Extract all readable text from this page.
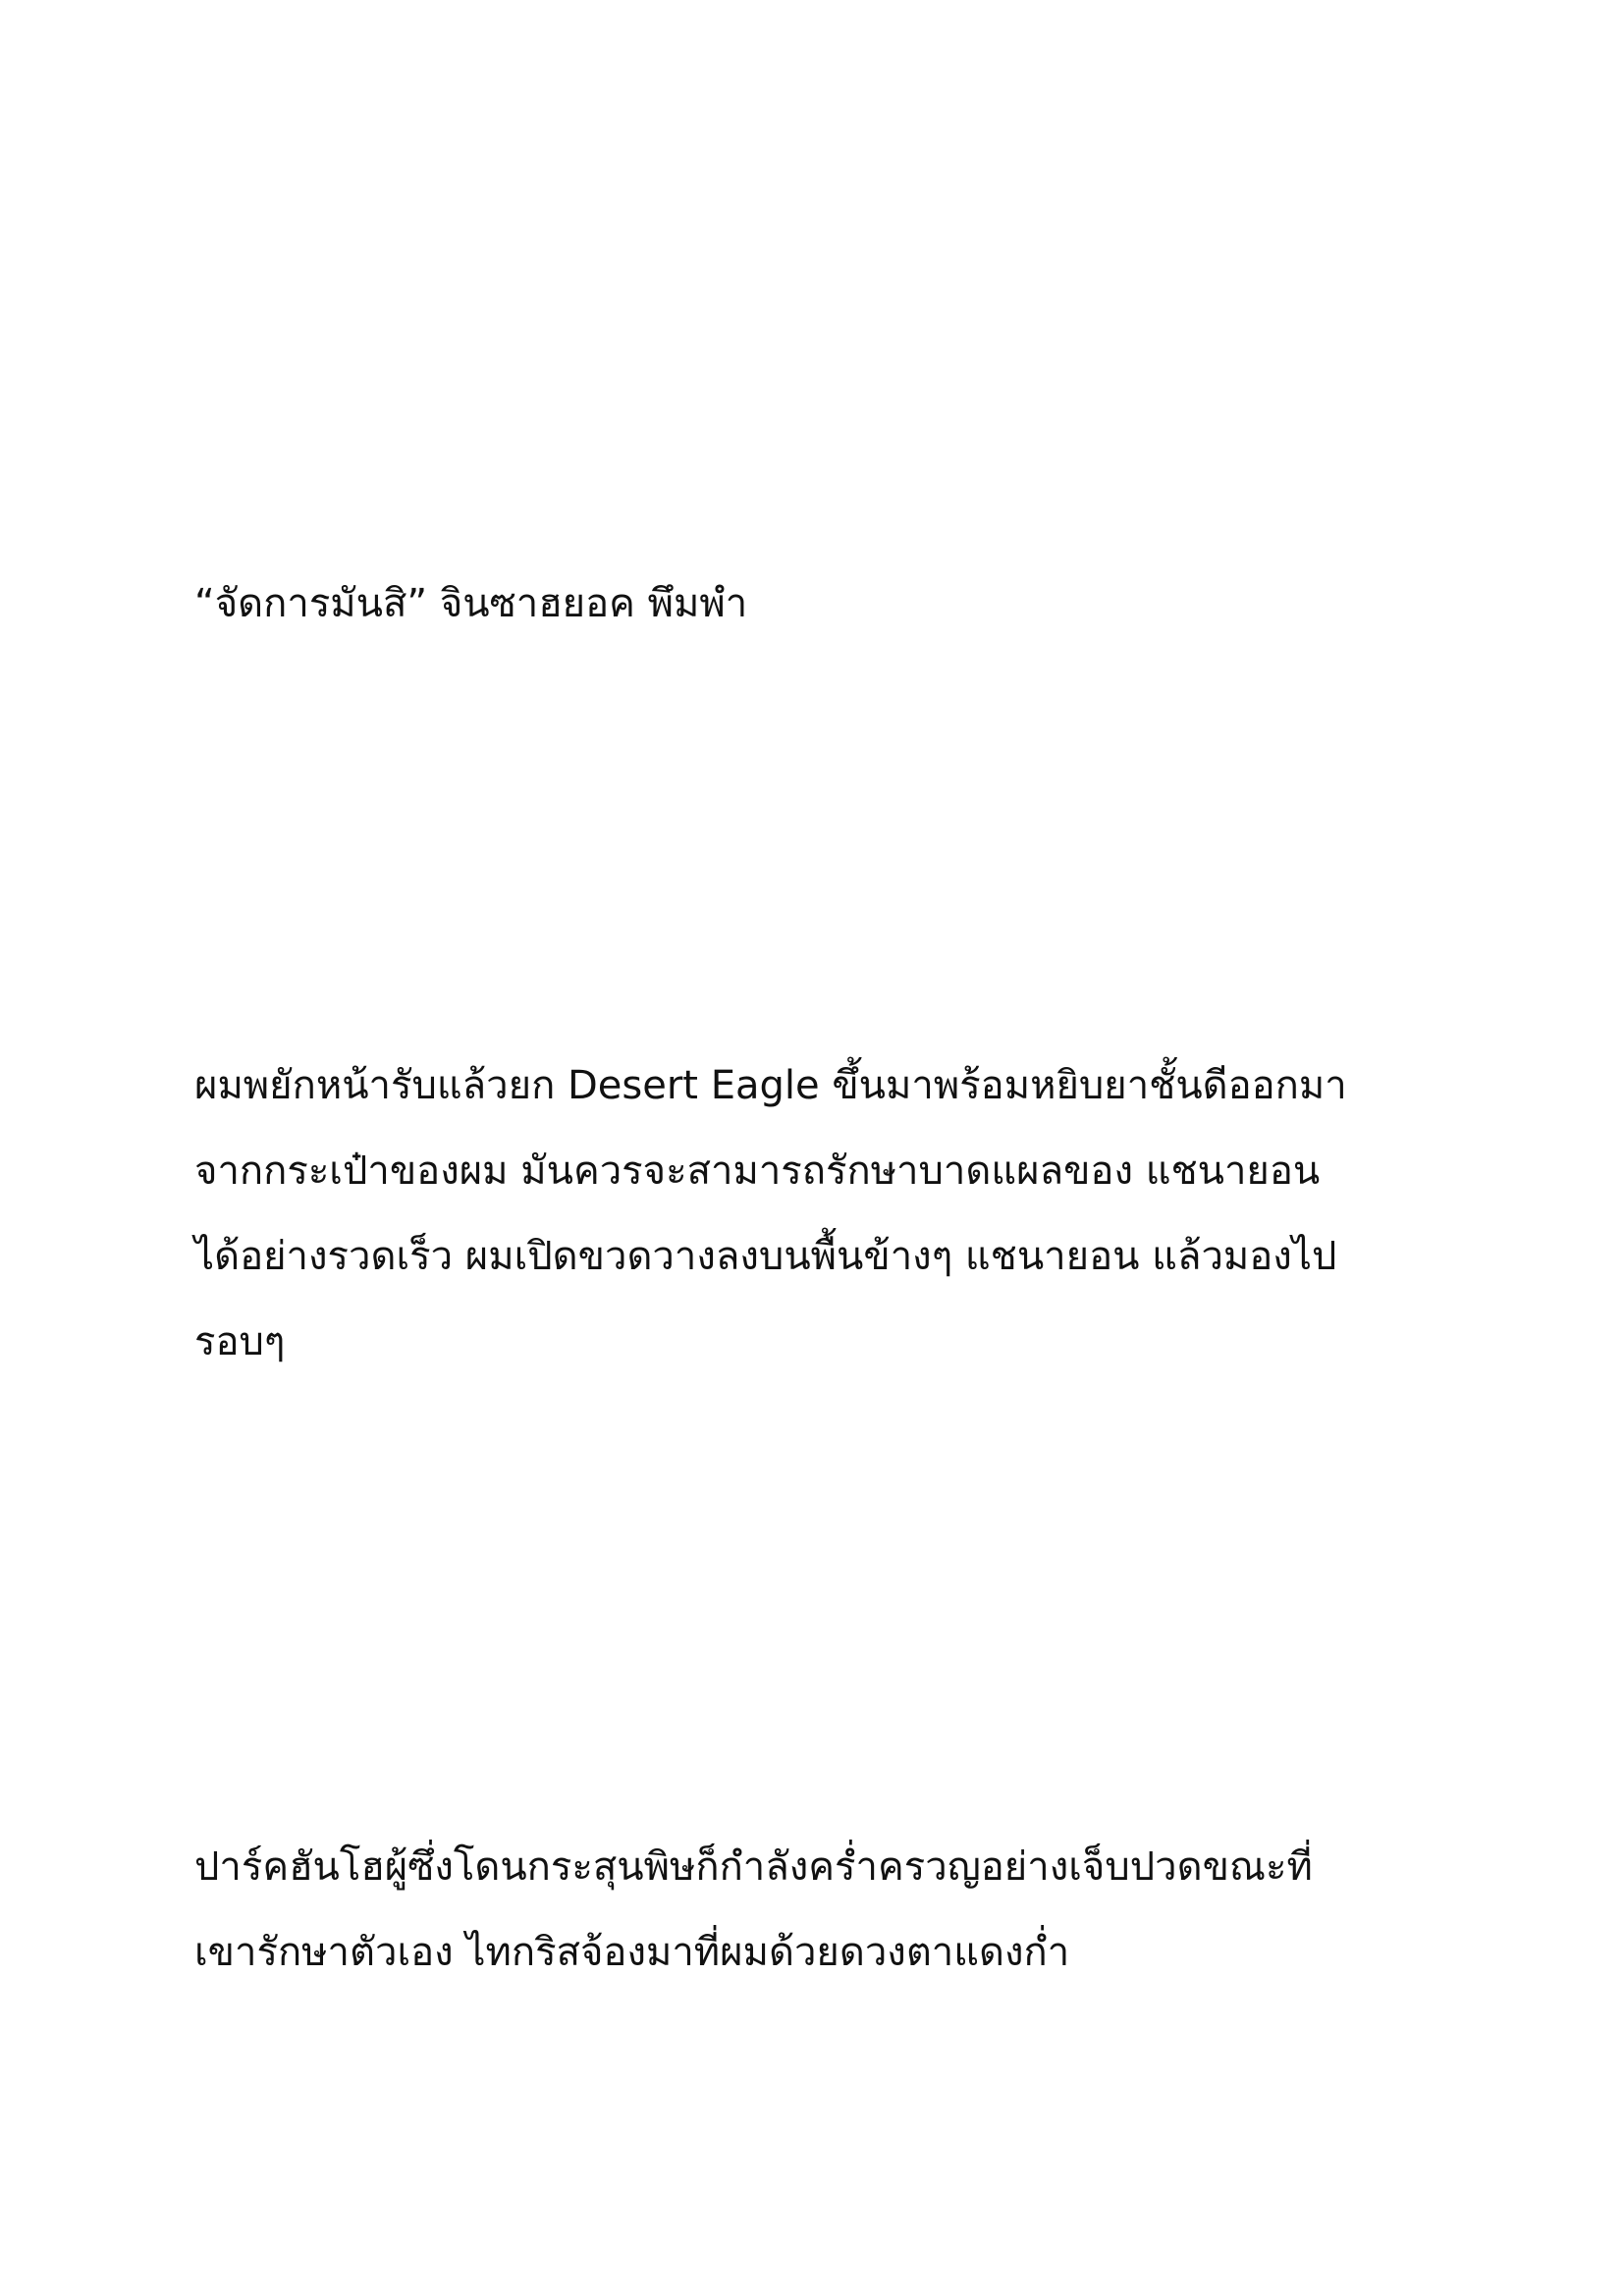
“จัดการมันสิ” จินซาฮยอค พึมพำ

ผมพยักหน้ารับแล้วยก Desert Eagle ขึ้นมาพร้อมหยิบยาชั้นดีออกมา
จากกระเป๋าของผม มันควรจะสามารถรักษาบาดแผลของ แชนายอน
ได้อย่างรวดเร็ว ผมเปิดขวดวางลงบนพื้นข้างๆ แชนายอน แล้วมองไป
รอบๆ

ปาร์คฮันโฮผู้ซึ่งโดนกระสุนพิษก็กำลังคร่ำครวญอย่างเจ็บปวดขณะที่
เขารักษาตัวเอง ไทกริสจ้องมาที่ผมด้วยดวงตาแดงก่ำ
